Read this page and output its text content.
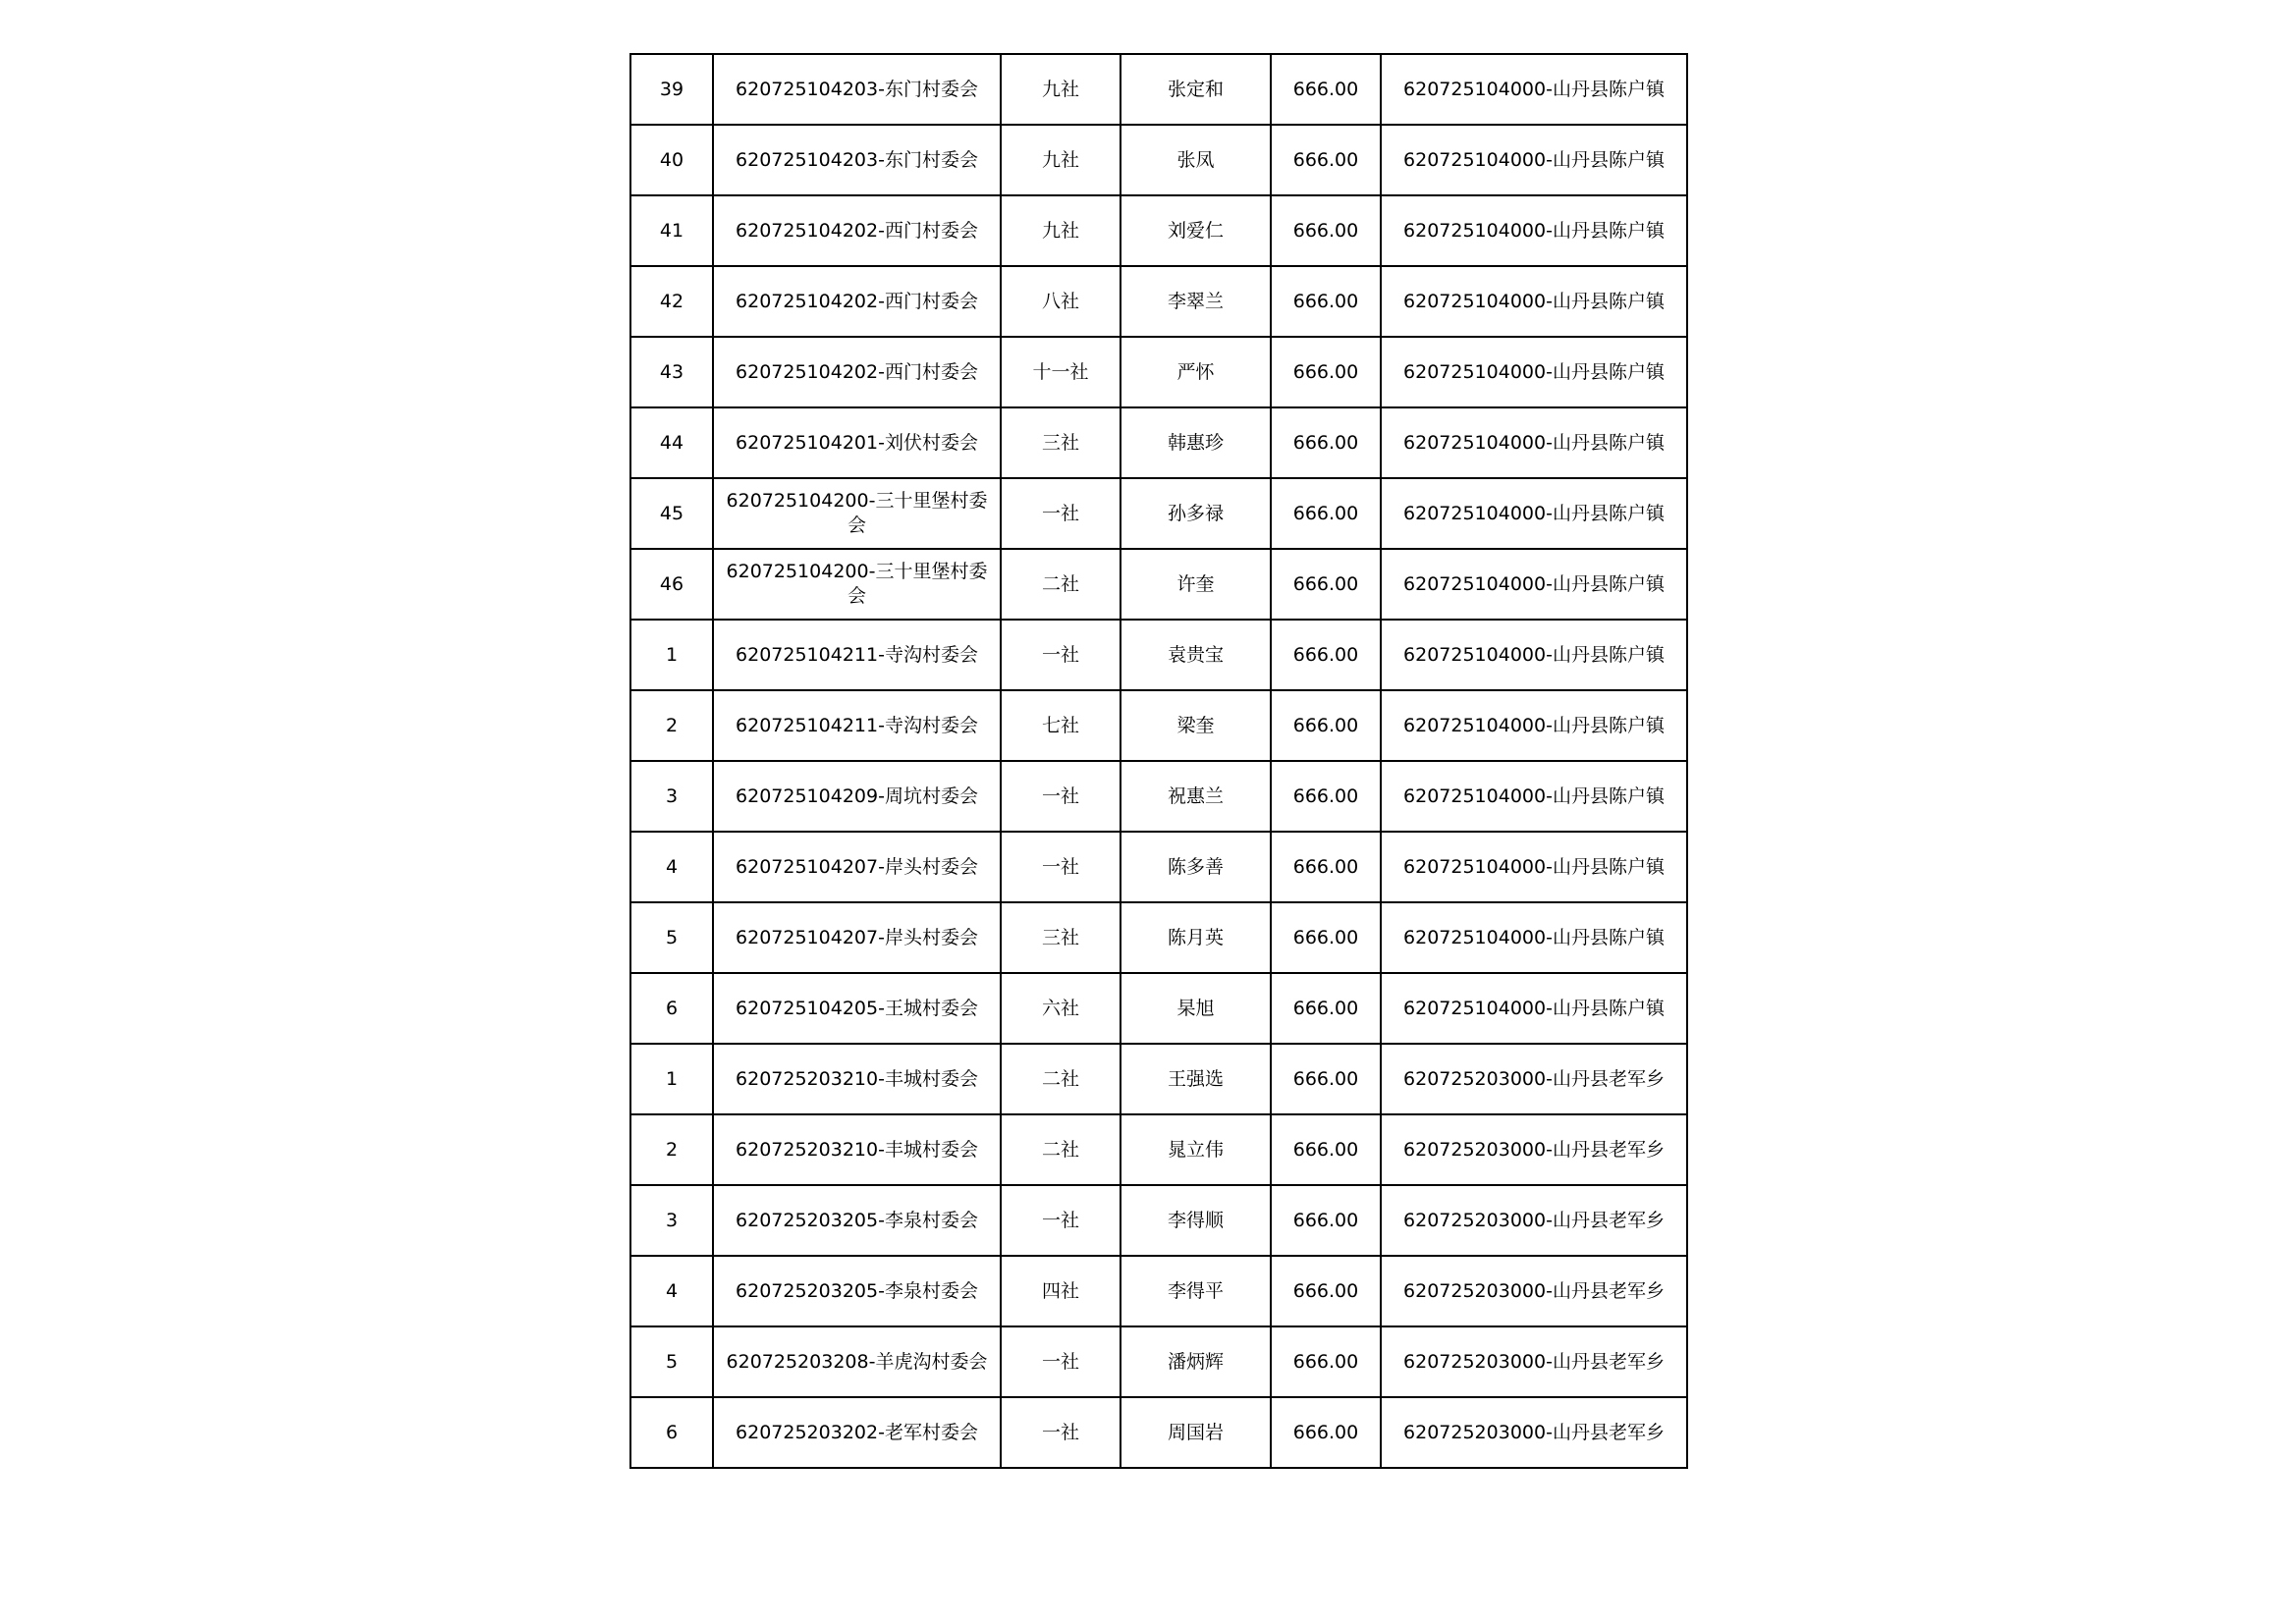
39	620725104203-东门村委会	九社	张定和	666.00	620725104000-山丹县陈户镇
40	620725104203-东门村委会	九社	张凤	666.00	620725104000-山丹县陈户镇
41	620725104202-西门村委会	九社	刘爱仁	666.00	620725104000-山丹县陈户镇
42	620725104202-西门村委会	八社	李翠兰	666.00	620725104000-山丹县陈户镇
43	620725104202-西门村委会	十一社	严怀	666.00	620725104000-山丹县陈户镇
44	620725104201-刘伏村委会	三社	韩惠珍	666.00	620725104000-山丹县陈户镇
45	620725104200-三十里堡村委会	一社	孙多禄	666.00	620725104000-山丹县陈户镇
46	620725104200-三十里堡村委会	二社	许奎	666.00	620725104000-山丹县陈户镇
1	620725104211-寺沟村委会	一社	袁贵宝	666.00	620725104000-山丹县陈户镇
2	620725104211-寺沟村委会	七社	梁奎	666.00	620725104000-山丹县陈户镇
3	620725104209-周坑村委会	一社	祝惠兰	666.00	620725104000-山丹县陈户镇
4	620725104207-岸头村委会	一社	陈多善	666.00	620725104000-山丹县陈户镇
5	620725104207-岸头村委会	三社	陈月英	666.00	620725104000-山丹县陈户镇
6	620725104205-王城村委会	六社	杲旭	666.00	620725104000-山丹县陈户镇
1	620725203210-丰城村委会	二社	王强选	666.00	620725203000-山丹县老军乡
2	620725203210-丰城村委会	二社	晁立伟	666.00	620725203000-山丹县老军乡
3	620725203205-李泉村委会	一社	李得顺	666.00	620725203000-山丹县老军乡
4	620725203205-李泉村委会	四社	李得平	666.00	620725203000-山丹县老军乡
5	620725203208-羊虎沟村委会	一社	潘炳辉	666.00	620725203000-山丹县老军乡
6	620725203202-老军村委会	一社	周国岩	666.00	620725203000-山丹县老军乡
